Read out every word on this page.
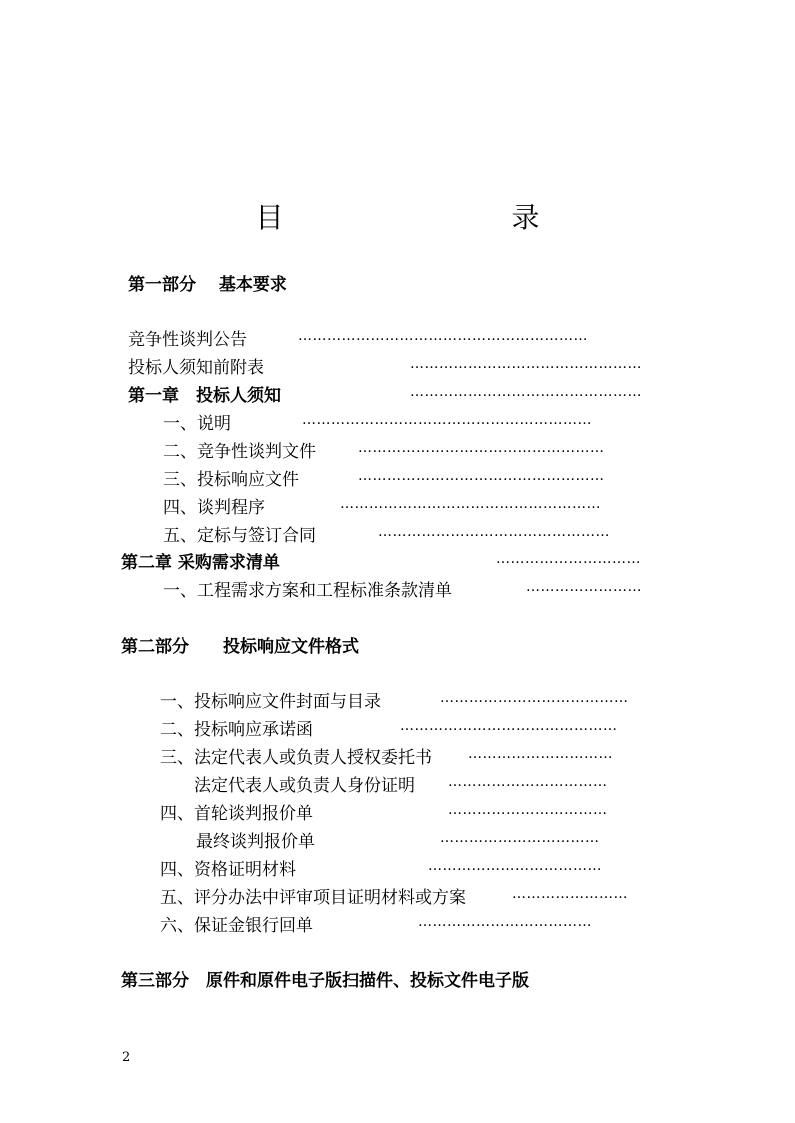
目　录
第一部分　 基本要求
竞争性谈判公告	……………………………………………………
投标人须知前附表	…………………………………………
第一章　投标人须知	…………………………………………
一、说明	……………………………………………………
二、竞争性谈判文件	……………………………………………
三、投标响应文件	……………………………………………
四、谈判程序	………………………………………………
五、定标与签订合同	…………………………………………
第二章 采购需求清单	…………………………
一、工程需求方案和工程标准条款清单	……………………
第二部分　　投标响应文件格式
一、投标响应文件封面与目录	…………………………………
二、投标响应承诺函	………………………………………
三、法定代表人或负责人授权委托书	…………………………
法定代表人或负责人身份证明 ……………………………
四、首轮谈判报价单	……………………………
最终谈判报价单	……………………………
四、资格证明材料	………………………………
五、评分办法中评审项目证明材料或方案	……………………
六、保证金银行回单	………………………………
第三部分　原件和原件电子版扫描件、投标文件电子版
2
